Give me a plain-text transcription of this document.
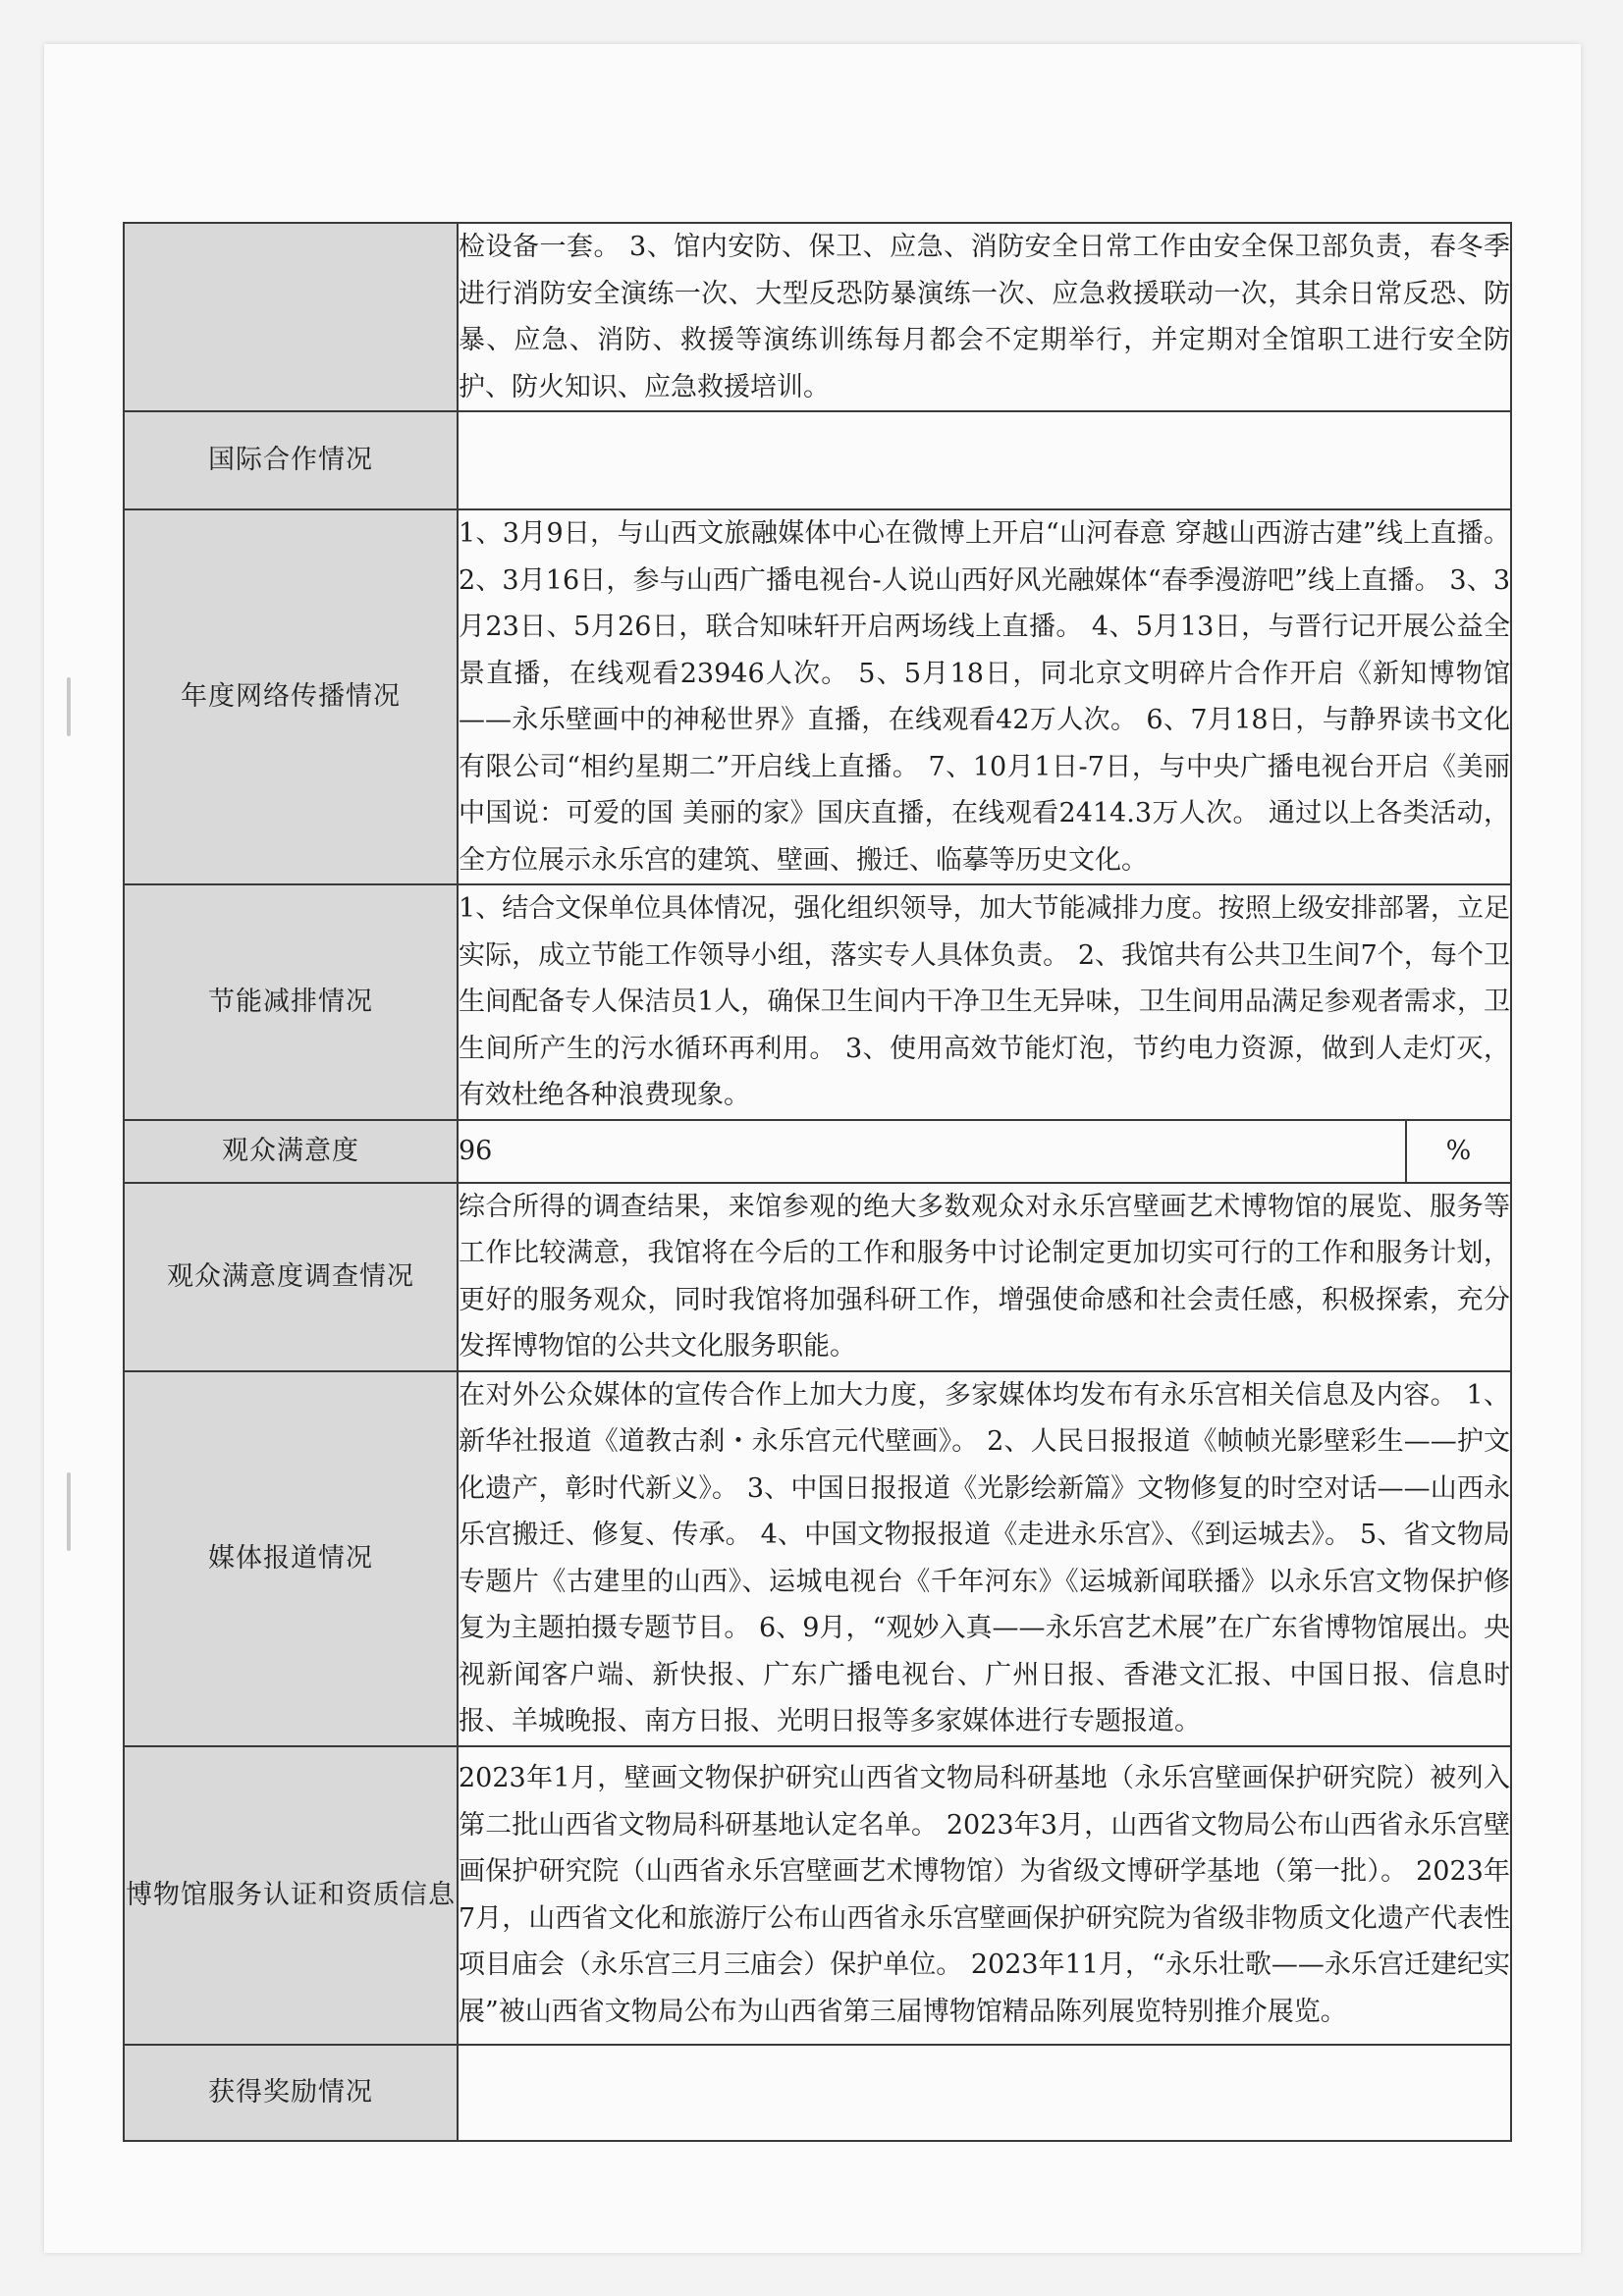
	检设备一套。 3、馆内安防、保卫、应急、消防安全日常工作由安全保卫部负责，春冬季进行消防安全演练一次、大型反恐防暴演练一次、应急救援联动一次，其余日常反恐、防暴、应急、消防、救援等演练训练每月都会不定期举行，并定期对全馆职工进行安全防护、防火知识、应急救援培训。	
国际合作情况		
年度网络传播情况	1、3月9日，与山西文旅融媒体中心在微博上开启“山河春意 穿越山西游古建”线上直播。 2、3月16日，参与山西广播电视台-人说山西好风光融媒体“春季漫游吧”线上直播。 3、3月23日、5月26日，联合知味轩开启两场线上直播。 4、5月13日，与晋行记开展公益全景直播，在线观看23946人次。 5、5月18日，同北京文明碎片合作开启《新知博物馆——永乐壁画中的神秘世界》直播，在线观看42万人次。 6、7月18日，与静界读书文化有限公司“相约星期二”开启线上直播。 7、10月1日-7日，与中央广播电视台开启《美丽中国说：可爱的国 美丽的家》国庆直播，在线观看2414.3万人次。 通过以上各类活动，全方位展示永乐宫的建筑、壁画、搬迁、临摹等历史文化。	
节能减排情况	1、结合文保单位具体情况，强化组织领导，加大节能减排力度。按照上级安排部署，立足实际，成立节能工作领导小组，落实专人具体负责。 2、我馆共有公共卫生间7个，每个卫生间配备专人保洁员1人，确保卫生间内干净卫生无异味，卫生间用品满足参观者需求，卫生间所产生的污水循环再利用。 3、使用高效节能灯泡，节约电力资源，做到人走灯灭，有效杜绝各种浪费现象。	
观众满意度	96	%
观众满意度调查情况	综合所得的调查结果，来馆参观的绝大多数观众对永乐宫壁画艺术博物馆的展览、服务等工作比较满意，我馆将在今后的工作和服务中讨论制定更加切实可行的工作和服务计划，更好的服务观众，同时我馆将加强科研工作，增强使命感和社会责任感，积极探索，充分发挥博物馆的公共文化服务职能。	
媒体报道情况	在对外公众媒体的宣传合作上加大力度，多家媒体均发布有永乐宫相关信息及内容。 1、新华社报道《道教古刹・永乐宫元代壁画》。 2、人民日报报道《帧帧光影壁彩生——护文化遗产，彰时代新义》。 3、中国日报报道《光影绘新篇》文物修复的时空对话——山西永乐宫搬迁、修复、传承。 4、中国文物报报道《走进永乐宫》、《到运城去》。 5、省文物局专题片《古建里的山西》、运城电视台《千年河东》《运城新闻联播》以永乐宫文物保护修复为主题拍摄专题节目。 6、9月，“观妙入真——永乐宫艺术展”在广东省博物馆展出。央视新闻客户端、新快报、广东广播电视台、广州日报、香港文汇报、中国日报、信息时报、羊城晚报、南方日报、光明日报等多家媒体进行专题报道。	
博物馆服务认证和资质信息	2023年1月，壁画文物保护研究山西省文物局科研基地（永乐宫壁画保护研究院）被列入第二批山西省文物局科研基地认定名单。 2023年3月，山西省文物局公布山西省永乐宫壁画保护研究院（山西省永乐宫壁画艺术博物馆）为省级文博研学基地（第一批）。 2023年7月，山西省文化和旅游厅公布山西省永乐宫壁画保护研究院为省级非物质文化遗产代表性项目庙会（永乐宫三月三庙会）保护单位。 2023年11月，“永乐壮歌——永乐宫迁建纪实展”被山西省文物局公布为山西省第三届博物馆精品陈列展览特别推介展览。	
获得奖励情况		
